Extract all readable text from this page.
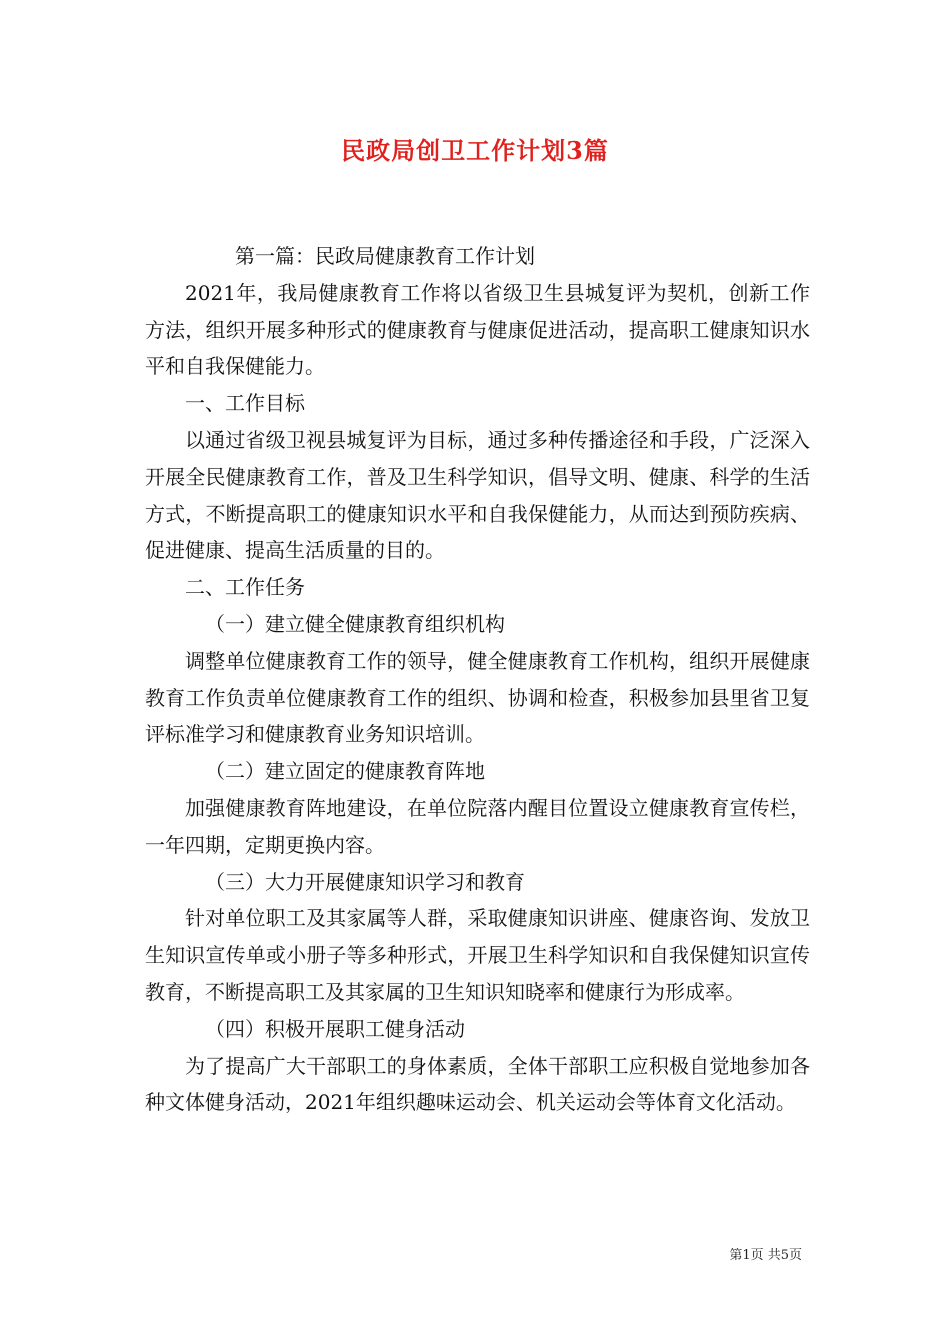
民政局创卫工作计划3篇

第一篇：民政局健康教育工作计划

2021年，我局健康教育工作将以省级卫生县城复评为契机，创新工作方法，组织开展多种形式的健康教育与健康促进活动，提高职工健康知识水平和自我保健能力。

一、工作目标

以通过省级卫视县城复评为目标，通过多种传播途径和手段，广泛深入开展全民健康教育工作，普及卫生科学知识，倡导文明、健康、科学的生活方式，不断提高职工的健康知识水平和自我保健能力，从而达到预防疾病、促进健康、提高生活质量的目的。

二、工作任务

（一）建立健全健康教育组织机构

调整单位健康教育工作的领导，健全健康教育工作机构，组织开展健康教育工作负责单位健康教育工作的组织、协调和检查，积极参加县里省卫复评标准学习和健康教育业务知识培训。

（二）建立固定的健康教育阵地

加强健康教育阵地建设，在单位院落内醒目位置设立健康教育宣传栏，一年四期，定期更换内容。

（三）大力开展健康知识学习和教育

针对单位职工及其家属等人群，采取健康知识讲座、健康咨询、发放卫生知识宣传单或小册子等多种形式，开展卫生科学知识和自我保健知识宣传教育，不断提高职工及其家属的卫生知识知晓率和健康行为形成率。

（四）积极开展职工健身活动

为了提高广大干部职工的身体素质，全体干部职工应积极自觉地参加各种文体健身活动，2021年组织趣味运动会、机关运动会等体育文化活动。

第1页 共5页
